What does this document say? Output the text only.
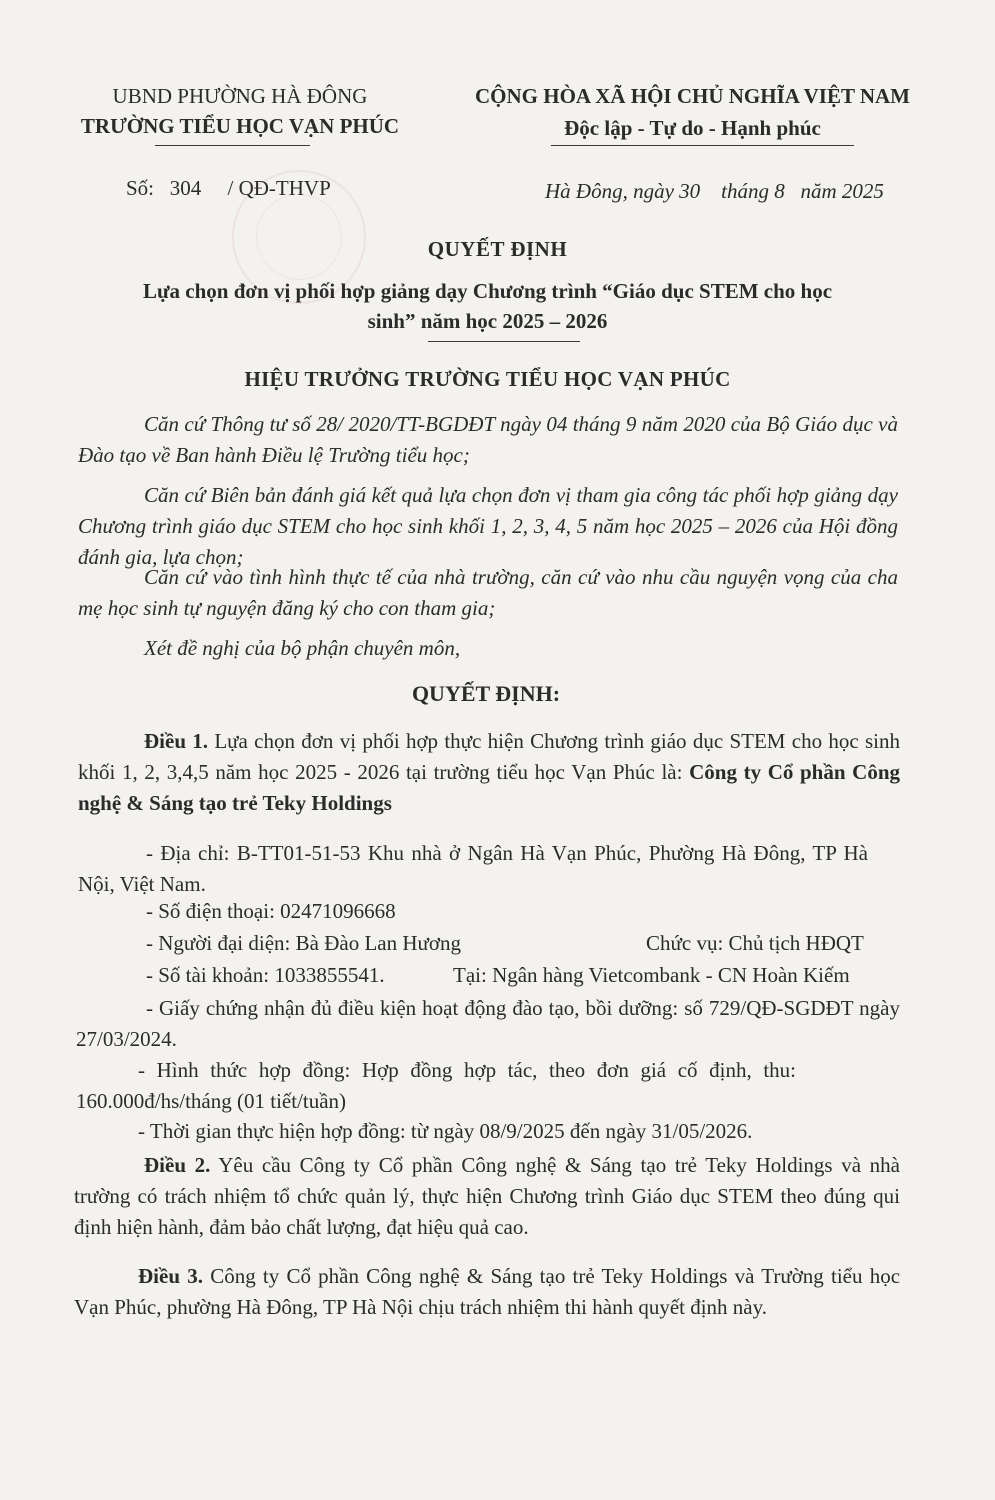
UBND PHƯỜNG HÀ ĐÔNG
TRƯỜNG TIỂU HỌC VẠN PHÚC
CỘNG HÒA XÃ HỘI CHỦ NGHĨA VIỆT NAM
Độc lập - Tự do - Hạnh phúc
Số: 304 / QĐ-THVP	Hà Đông, ngày 30    tháng 8   năm 2025
QUYẾT ĐỊNH
Lựa chọn đơn vị phối hợp giảng dạy Chương trình “Giáo dục STEM cho học
sinh” năm học 2025 – 2026
HIỆU TRƯỞNG TRƯỜNG TIỂU HỌC VẠN PHÚC
Căn cứ Thông tư số 28/ 2020/TT-BGDĐT ngày 04 tháng 9 năm 2020 của Bộ Giáo dục và Đào tạo về Ban hành Điều lệ Trường tiểu học;
Căn cứ Biên bản đánh giá kết quả lựa chọn đơn vị tham gia công tác phối hợp giảng dạy Chương trình giáo dục STEM cho học sinh khối 1, 2, 3, 4, 5 năm học 2025 – 2026 của Hội đồng đánh gia, lựa chọn;
Căn cứ vào tình hình thực tế của nhà trường, căn cứ vào nhu cầu nguyện vọng của cha mẹ học sinh tự nguyện đăng ký cho con tham gia;
Xét đề nghị của bộ phận chuyên môn,
QUYẾT ĐỊNH:
Điều 1. Lựa chọn đơn vị phối hợp thực hiện Chương trình giáo dục STEM cho học sinh khối 1, 2, 3,4,5 năm học 2025 - 2026 tại trường tiểu học Vạn Phúc là: Công ty Cổ phần Công nghệ & Sáng tạo trẻ Teky Holdings
- Địa chỉ: B-TT01-51-53 Khu nhà ở Ngân Hà Vạn Phúc, Phường Hà Đông, TP Hà Nội, Việt Nam.
- Số điện thoại: 02471096668
- Người đại diện: Bà Đào Lan Hương	Chức vụ: Chủ tịch HĐQT
- Số tài khoản: 1033855541.	Tại: Ngân hàng Vietcombank - CN Hoàn Kiếm
- Giấy chứng nhận đủ điều kiện hoạt động đào tạo, bồi dưỡng: số 729/QĐ-SGDĐT ngày 27/03/2024.
- Hình thức hợp đồng: Hợp đồng hợp tác, theo đơn giá cố định, thu: 160.000đ/hs/tháng (01 tiết/tuần)
- Thời gian thực hiện hợp đồng: từ ngày 08/9/2025 đến ngày 31/05/2026.
Điều 2. Yêu cầu Công ty Cổ phần Công nghệ & Sáng tạo trẻ Teky Holdings và nhà trường có trách nhiệm tổ chức quản lý, thực hiện Chương trình Giáo dục STEM theo đúng qui định hiện hành, đảm bảo chất lượng, đạt hiệu quả cao.
Điều 3. Công ty Cổ phần Công nghệ & Sáng tạo trẻ Teky Holdings và Trường tiểu học Vạn Phúc, phường Hà Đông, TP Hà Nội chịu trách nhiệm thi hành quyết định này.
